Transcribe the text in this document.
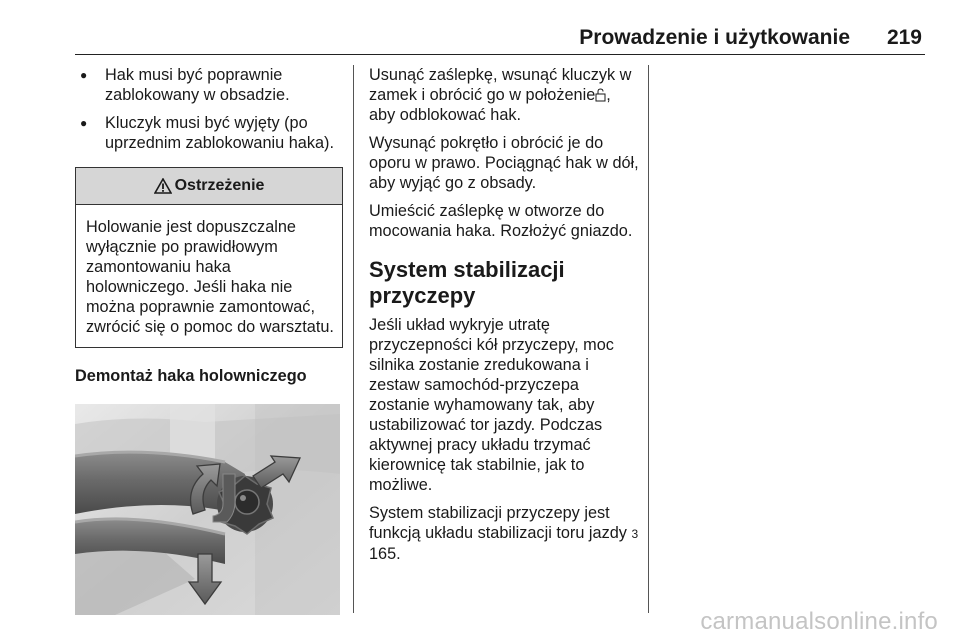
Prowadzenie i użytkowanie 219
● Hak musi być poprawnie zablokowany w obsadzie.
● Kluczyk musi być wyjęty (po uprzednim zablokowaniu haka).
Ostrzeżenie
Holowanie jest dopuszczalne wyłącznie po prawidłowym zamontowaniu haka holowniczego. Jeśli haka nie można poprawnie zamontować, zwrócić się o pomoc do warsztatu.
Demontaż haka holowniczego

Usunąć zaślepkę, wsunąć kluczyk w zamek i obrócić go w położenie , aby odblokować hak.

Wysunąć pokrętło i obrócić je do oporu w prawo. Pociągnąć hak w dół, aby wyjąć go z obsady.

Umieścić zaślepkę w otworze do mocowania haka. Rozłożyć gniazdo.

System stabilizacji przyczepy

Jeśli układ wykryje utratę przyczepności kół przyczepy, moc silnika zostanie zredukowana i zestaw samochód-przyczepa zostanie wyhamowany tak, aby ustabilizować tor jazdy. Podczas aktywnej pracy układu trzymać kierownicę tak stabilnie, jak to możliwe.

System stabilizacji przyczepy jest funkcją układu stabilizacji toru jazdy 3 165.

carmanualsonline.info
